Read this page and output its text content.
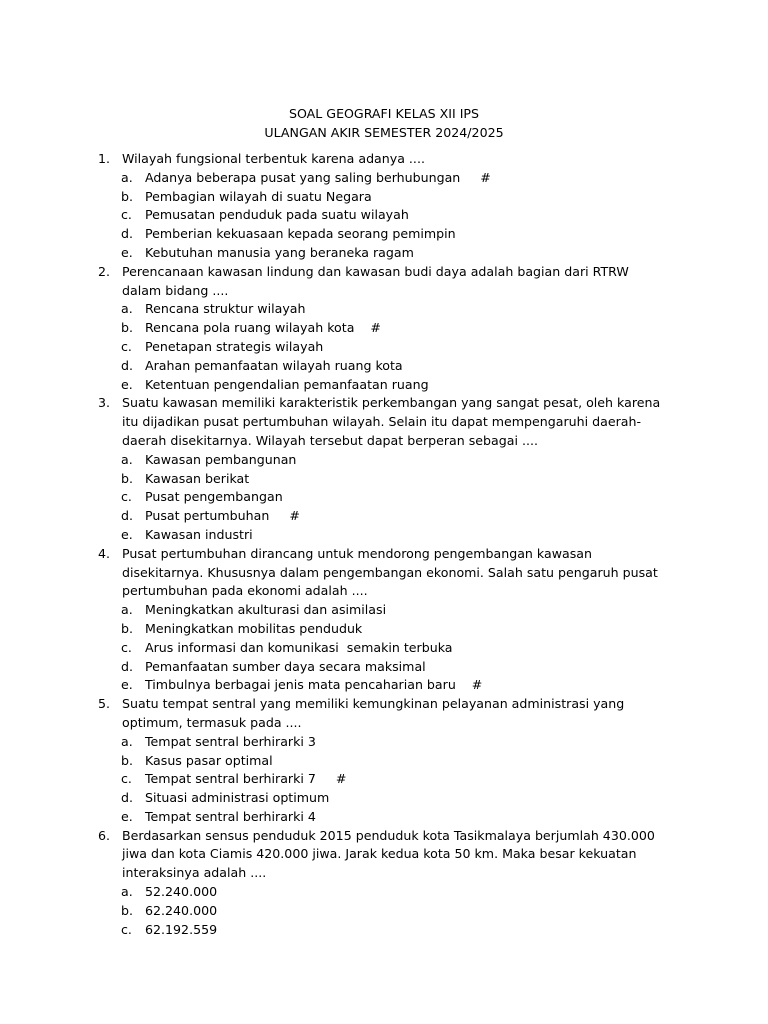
SOAL GEOGRAFI KELAS XII IPS
ULANGAN AKIR SEMESTER 2024/2025
1. Wilayah fungsional terbentuk karena adanya ....
a. Adanya beberapa pusat yang saling berhubungan     #
b. Pembagian wilayah di suatu Negara
c. Pemusatan penduduk pada suatu wilayah
d. Pemberian kekuasaan kepada seorang pemimpin
e. Kebutuhan manusia yang beraneka ragam
2. Perencanaan kawasan lindung dan kawasan budi daya adalah bagian dari RTRW dalam bidang ....
a. Rencana struktur wilayah
b. Rencana pola ruang wilayah kota    #
c. Penetapan strategis wilayah
d. Arahan pemanfaatan wilayah ruang kota
e. Ketentuan pengendalian pemanfaatan ruang
3. Suatu kawasan memiliki karakteristik perkembangan yang sangat pesat, oleh karena itu dijadikan pusat pertumbuhan wilayah. Selain itu dapat mempengaruhi daerah- daerah disekitarnya. Wilayah tersebut dapat berperan sebagai ....
a. Kawasan pembangunan
b. Kawasan berikat
c. Pusat pengembangan
d. Pusat pertumbuhan     #
e. Kawasan industri
4. Pusat pertumbuhan dirancang untuk mendorong pengembangan kawasan disekitarnya. Khususnya dalam pengembangan ekonomi. Salah satu pengaruh pusat pertumbuhan pada ekonomi adalah ....
a. Meningkatkan akulturasi dan asimilasi
b. Meningkatkan mobilitas penduduk
c. Arus informasi dan komunikasi  semakin terbuka
d. Pemanfaatan sumber daya secara maksimal
e. Timbulnya berbagai jenis mata pencaharian baru    #
5. Suatu tempat sentral yang memiliki kemungkinan pelayanan administrasi yang optimum, termasuk pada ....
a. Tempat sentral berhirarki 3
b. Kasus pasar optimal
c. Tempat sentral berhirarki 7     #
d. Situasi administrasi optimum
e. Tempat sentral berhirarki 4
6. Berdasarkan sensus penduduk 2015 penduduk kota Tasikmalaya berjumlah 430.000 jiwa dan kota Ciamis 420.000 jiwa. Jarak kedua kota 50 km. Maka besar kekuatan interaksinya adalah ....
a. 52.240.000
b. 62.240.000
c. 62.192.559
